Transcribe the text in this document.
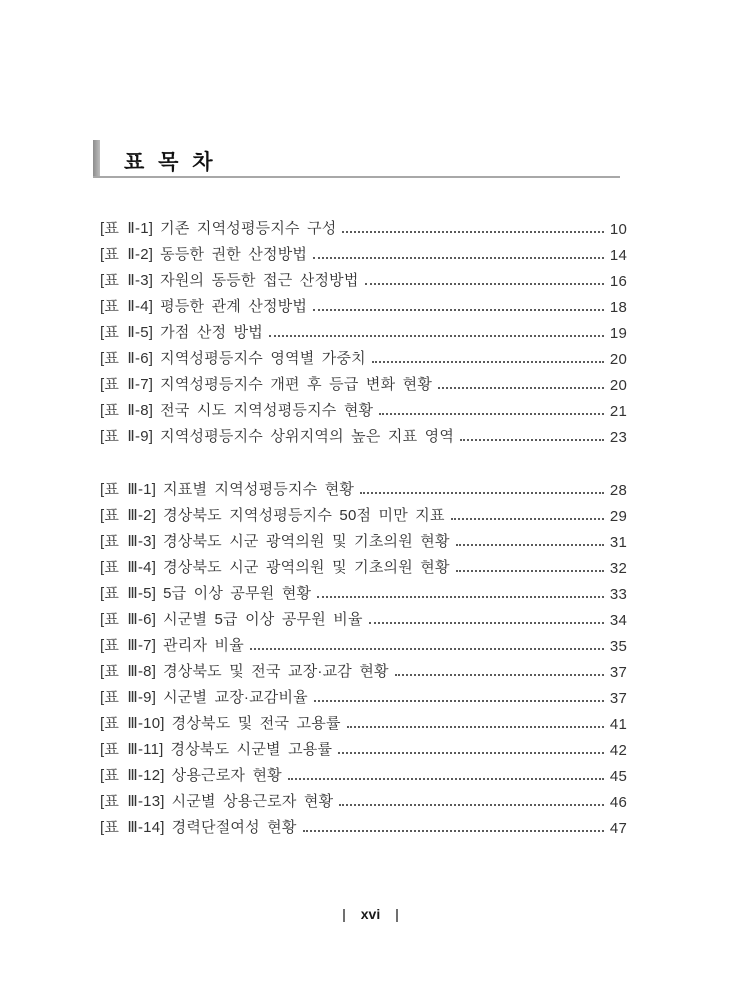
표 목 차
[표 Ⅱ-1] 기존 지역성평등지수 구성	10
[표 Ⅱ-2] 동등한 권한 산정방법	14
[표 Ⅱ-3] 자원의 동등한 접근 산정방법	16
[표 Ⅱ-4] 평등한 관계 산정방법	18
[표 Ⅱ-5] 가점 산정 방법	19
[표 Ⅱ-6] 지역성평등지수 영역별 가중치	20
[표 Ⅱ-7] 지역성평등지수 개편 후 등급 변화 현황	20
[표 Ⅱ-8] 전국 시도 지역성평등지수 현황	21
[표 Ⅱ-9] 지역성평등지수 상위지역의 높은 지표 영역	23
[표 Ⅲ-1] 지표별 지역성평등지수 현황	28
[표 Ⅲ-2] 경상북도 지역성평등지수 50점 미만 지표	29
[표 Ⅲ-3] 경상북도 시군 광역의원 및 기초의원 현황	31
[표 Ⅲ-4] 경상북도 시군 광역의원 및 기초의원 현황	32
[표 Ⅲ-5] 5급 이상 공무원 현황	33
[표 Ⅲ-6] 시군별 5급 이상 공무원 비율	34
[표 Ⅲ-7] 관리자 비율	35
[표 Ⅲ-8] 경상북도 및 전국 교장·교감 현황	37
[표 Ⅲ-9] 시군별 교장·교감비율	37
[표 Ⅲ-10] 경상북도 및 전국 고용률	41
[표 Ⅲ-11] 경상북도 시군별 고용률	42
[표 Ⅲ-12] 상용근로자 현황	45
[표 Ⅲ-13] 시군별 상용근로자 현황	46
[표 Ⅲ-14] 경력단절여성 현황	47
| xvi |
